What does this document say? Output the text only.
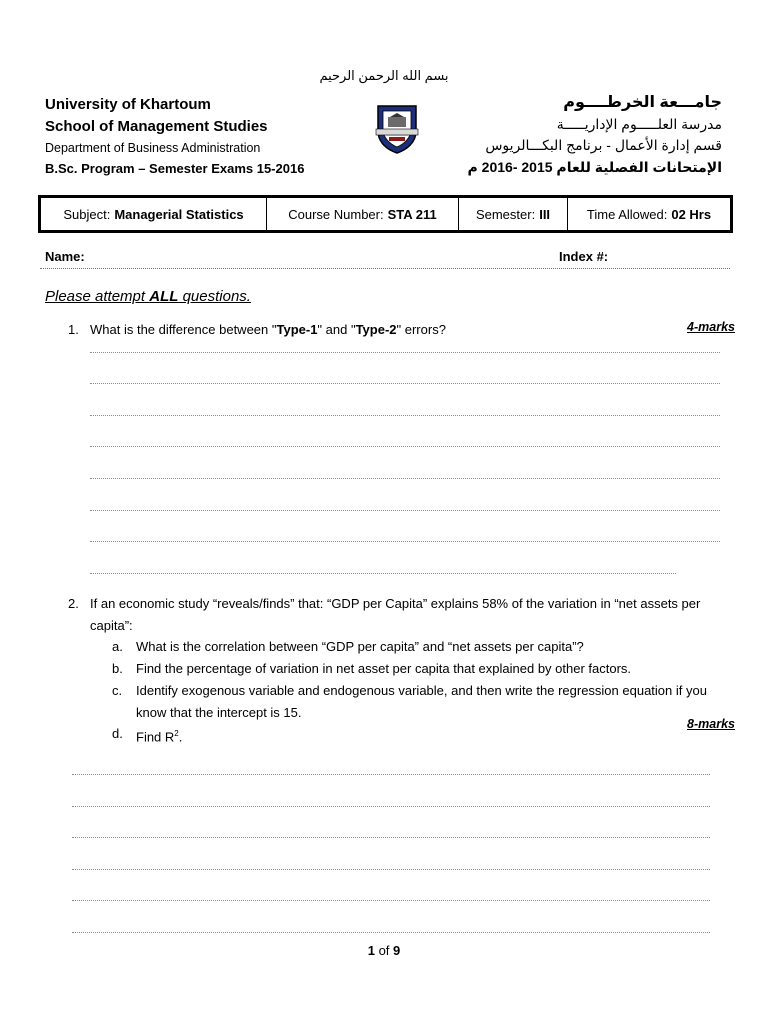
بسم الله الرحمن الرحيم
University of Khartoum
School of Management Studies
Department of Business Administration
B.Sc. Program – Semester Exams 15-2016
جامـــعة الخرطــــوم
مدرسة العلـــــوم الإداريـــــة
قسم إدارة الأعمال - برنامج البكـــالريوس
الإمتحانات الفصلية للعام 2015 -2016 م
Subject: Managerial Statistics	Course Number: STA 211	Semester: III	Time Allowed: 02 Hrs
Name:	Index #:
Please attempt ALL questions.
1. What is the difference between "Type-1" and "Type-2" errors?	4-marks
2. If an economic study “reveals/finds” that: “GDP per Capita” explains 58% of the variation in “net assets per capita”:
a. What is the correlation between “GDP per capita” and “net assets per capita”?
b. Find the percentage of variation in net asset per capita that explained by other factors.
c. Identify exogenous variable and endogenous variable, and then write the regression equation if you know that the intercept is 15.
d. Find $R^2$.
8-marks
1 of 9
